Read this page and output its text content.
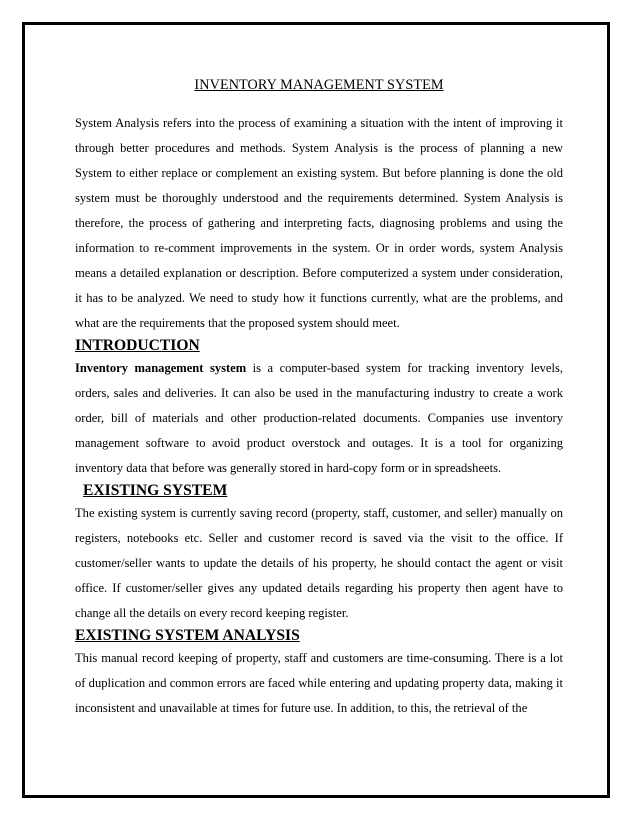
INVENTORY MANAGEMENT SYSTEM

System Analysis refers into the process of examining a situation with the intent of improving it through better procedures and methods. System Analysis is the process of planning a new System to either replace or complement an existing system. But before planning is done the old system must be thoroughly understood and the requirements determined. System Analysis is therefore, the process of gathering and interpreting facts, diagnosing problems and using the information to re-comment improvements in the system. Or in order words, system Analysis means a detailed explanation or description. Before computerized a system under consideration, it has to be analyzed. We need to study how it functions currently, what are the problems, and what are the requirements that the proposed system should meet.

INTRODUCTION

Inventory management system is a computer-based system for tracking inventory levels, orders, sales and deliveries. It can also be used in the manufacturing industry to create a work order, bill of materials and other production-related documents. Companies use inventory management software to avoid product overstock and outages. It is a tool for organizing inventory data that before was generally stored in hard-copy form or in spreadsheets.

EXISTING SYSTEM

The existing system is currently saving record (property, staff, customer, and seller) manually on registers, notebooks etc. Seller and customer record is saved via the visit to the office. If customer/seller wants to update the details of his property, he should contact the agent or visit office. If customer/seller gives any updated details regarding his property then agent have to change all the details on every record keeping register.

EXISTING SYSTEM ANALYSIS

This manual record keeping of property, staff and customers are time-consuming. There is a lot of duplication and common errors are faced while entering and updating property data, making it inconsistent and unavailable at times for future use. In addition, to this, the retrieval of the
